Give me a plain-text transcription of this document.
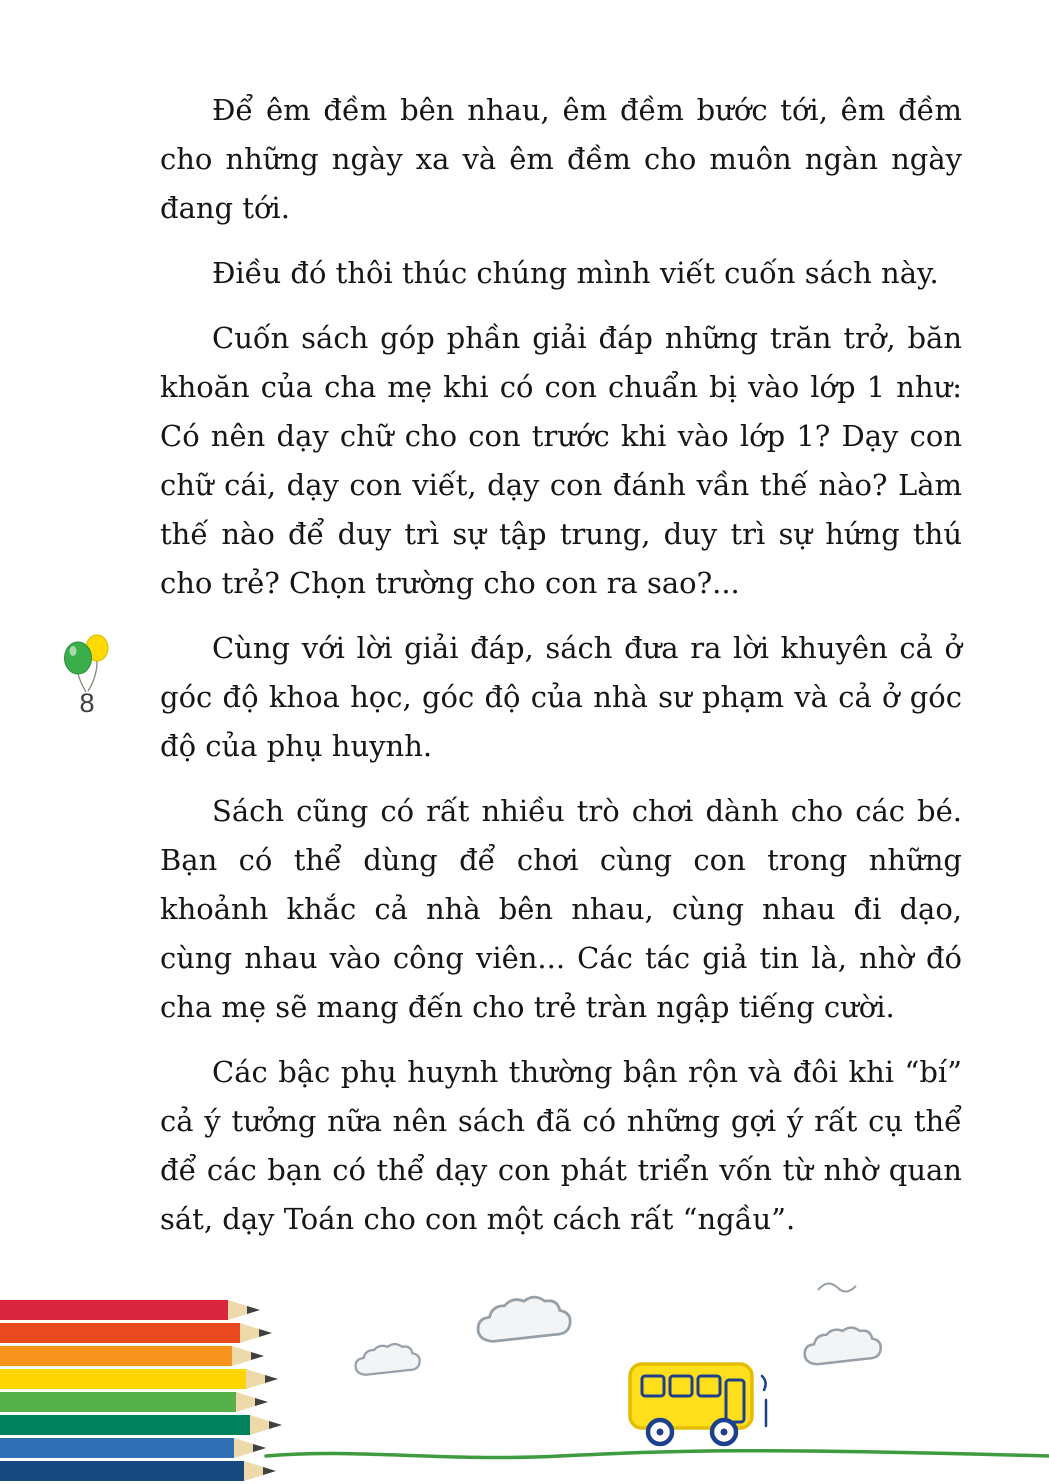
8

Để êm đềm bên nhau, êm đềm bước tới, êm đềm cho những ngày xa và êm đềm cho muôn ngàn ngày đang tới.

Điều đó thôi thúc chúng mình viết cuốn sách này.

Cuốn sách góp phần giải đáp những trăn trở, băn khoăn của cha mẹ khi có con chuẩn bị vào lớp 1 như: Có nên dạy chữ cho con trước khi vào lớp 1? Dạy con chữ cái, dạy con viết, dạy con đánh vần thế nào? Làm thế nào để duy trì sự tập trung, duy trì sự hứng thú cho trẻ? Chọn trường cho con ra sao?...

Cùng với lời giải đáp, sách đưa ra lời khuyên cả ở góc độ khoa học, góc độ của nhà sư phạm và cả ở góc độ của phụ huynh.

Sách cũng có rất nhiều trò chơi dành cho các bé. Bạn có thể dùng để chơi cùng con trong những khoảnh khắc cả nhà bên nhau, cùng nhau đi dạo, cùng nhau vào công viên... Các tác giả tin là, nhờ đó cha mẹ sẽ mang đến cho trẻ tràn ngập tiếng cười.

Các bậc phụ huynh thường bận rộn và đôi khi “bí” cả ý tưởng nữa nên sách đã có những gợi ý rất cụ thể để các bạn có thể dạy con phát triển vốn từ nhờ quan sát, dạy Toán cho con một cách rất “ngầu”.
